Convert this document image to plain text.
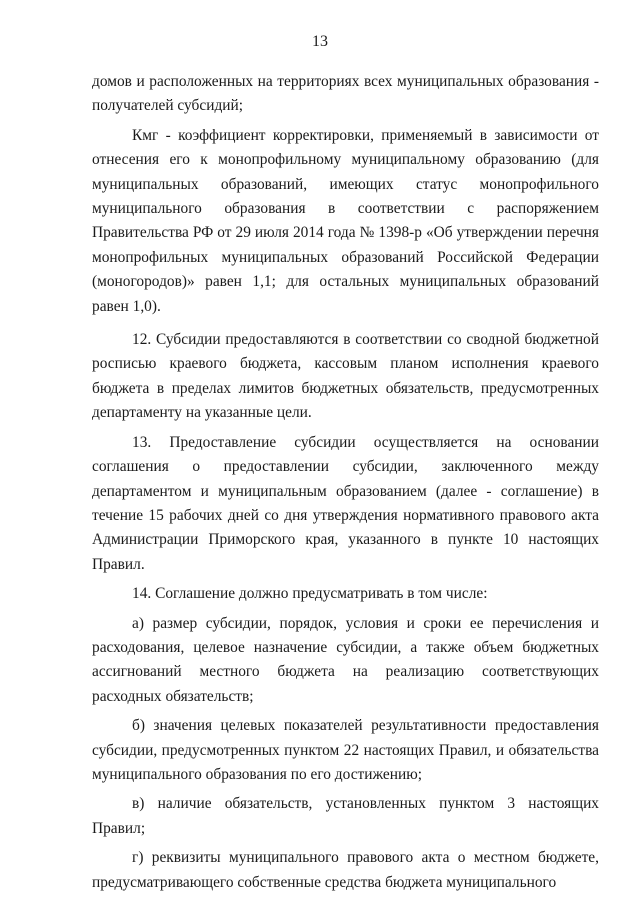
13

домов и расположенных на территориях всех муниципальных образования - получателей субсидий;

Кмг - коэффициент корректировки, применяемый в зависимости от отнесения его к монопрофильному муниципальному образованию (для муниципальных образований, имеющих статус монопрофильного муниципального образования в соответствии с распоряжением Правительства РФ от 29 июля 2014 года № 1398-р «Об утверждении перечня монопрофильных муниципальных образований Российской Федерации (моногородов)» равен 1,1; для остальных муниципальных образований равен 1,0).

12. Субсидии предоставляются в соответствии со сводной бюджетной росписью краевого бюджета, кассовым планом исполнения краевого бюджета в пределах лимитов бюджетных обязательств, предусмотренных департаменту на указанные цели.

13. Предоставление субсидии осуществляется на основании соглашения о предоставлении субсидии, заключенного между департаментом и муниципальным образованием (далее - соглашение) в течение 15 рабочих дней со дня утверждения нормативного правового акта Администрации Приморского края, указанного в пункте 10 настоящих Правил.

14. Соглашение должно предусматривать в том числе:

а) размер субсидии, порядок, условия и сроки ее перечисления и расходования, целевое назначение субсидии, а также объем бюджетных ассигнований местного бюджета на реализацию соответствующих расходных обязательств;

б) значения целевых показателей результативности предоставления субсидии, предусмотренных пунктом 22 настоящих Правил, и обязательства муниципального образования по его достижению;

в) наличие обязательств, установленных пунктом 3 настоящих Правил;

г) реквизиты муниципального правового акта о местном бюджете, предусматривающего собственные средства бюджета муниципального
